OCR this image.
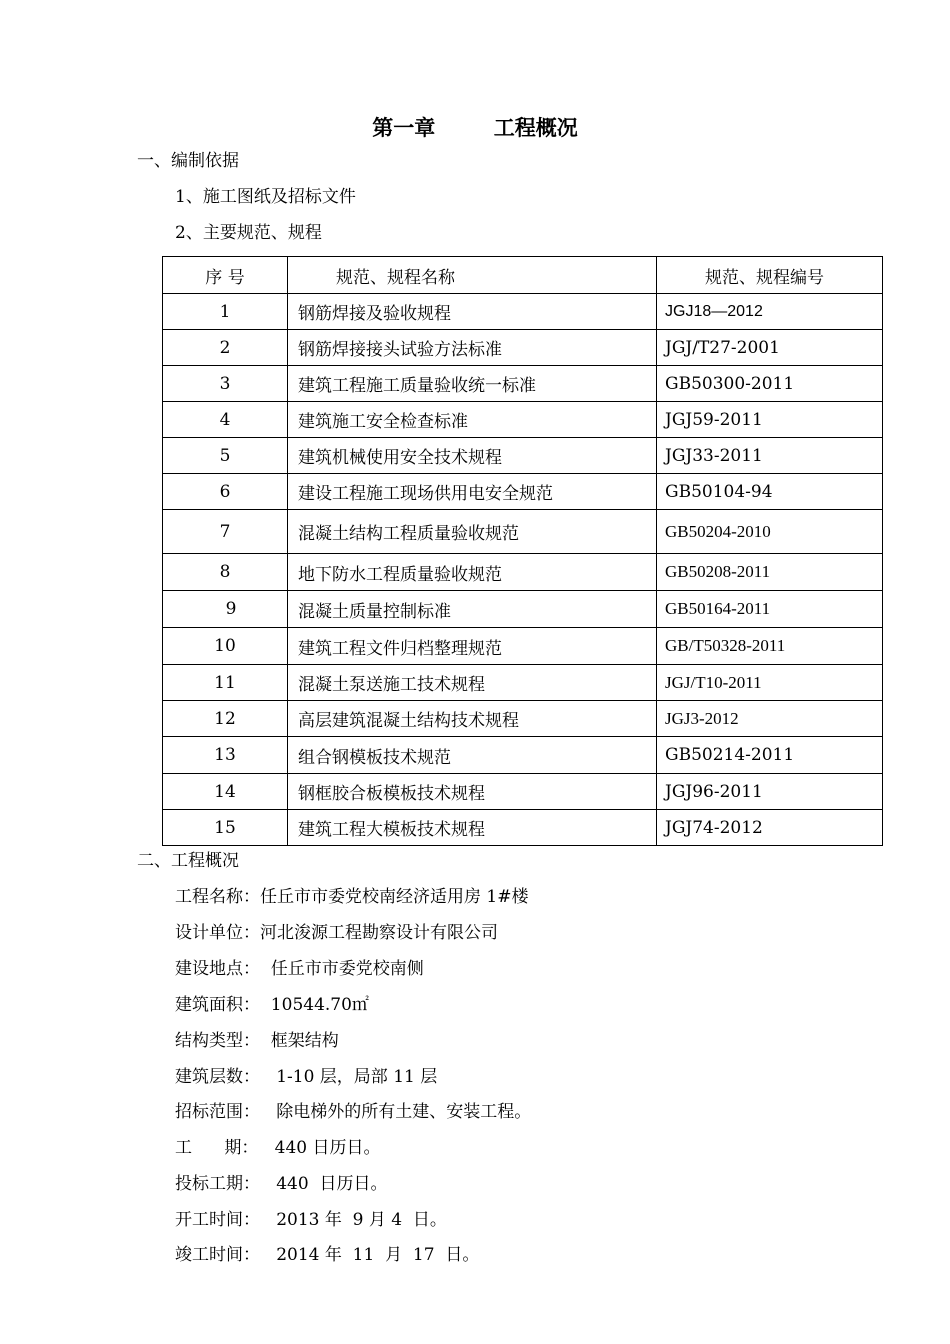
第一章        工程概况
一、编制依据
1、施工图纸及招标文件
2、主要规范、规程
序 号	规范、规程名称	规范、规程编号
1	钢筋焊接及验收规程	JGJ18—2012
2	钢筋焊接接头试验方法标准	JGJ/T27-2001
3	建筑工程施工质量验收统一标准	GB50300-2011
4	建筑施工安全检查标准	JGJ59-2011
5	建筑机械使用安全技术规程	JGJ33-2011
6	建设工程施工现场供用电安全规范	GB50104-94
7	混凝土结构工程质量验收规范	GB50204-2010
8	地下防水工程质量验收规范	GB50208-2011
9	混凝土质量控制标准	GB50164-2011
10	建筑工程文件归档整理规范	GB/T50328-2011
11	混凝土泵送施工技术规程	JGJ/T10-2011
12	高层建筑混凝土结构技术规程	JGJ3-2012
13	组合钢模板技术规范	GB50214-2011
14	钢框胶合板模板技术规程	JGJ96-2011
15	建筑工程大模板技术规程	JGJ74-2012
二、工程概况
工程名称：任丘市市委党校南经济适用房 1#楼
设计单位：河北浚源工程勘察设计有限公司
建设地点：  任丘市市委党校南侧
建筑面积：  10544.70㎡
结构类型：  框架结构
建筑层数：   1-10 层，局部 11 层
招标范围：   除电梯外的所有土建、安装工程。
工      期：   440 日历日。
投标工期：   440  日历日。
开工时间：   2013 年  9 月 4  日。
竣工时间：   2014 年  11  月  17  日。
